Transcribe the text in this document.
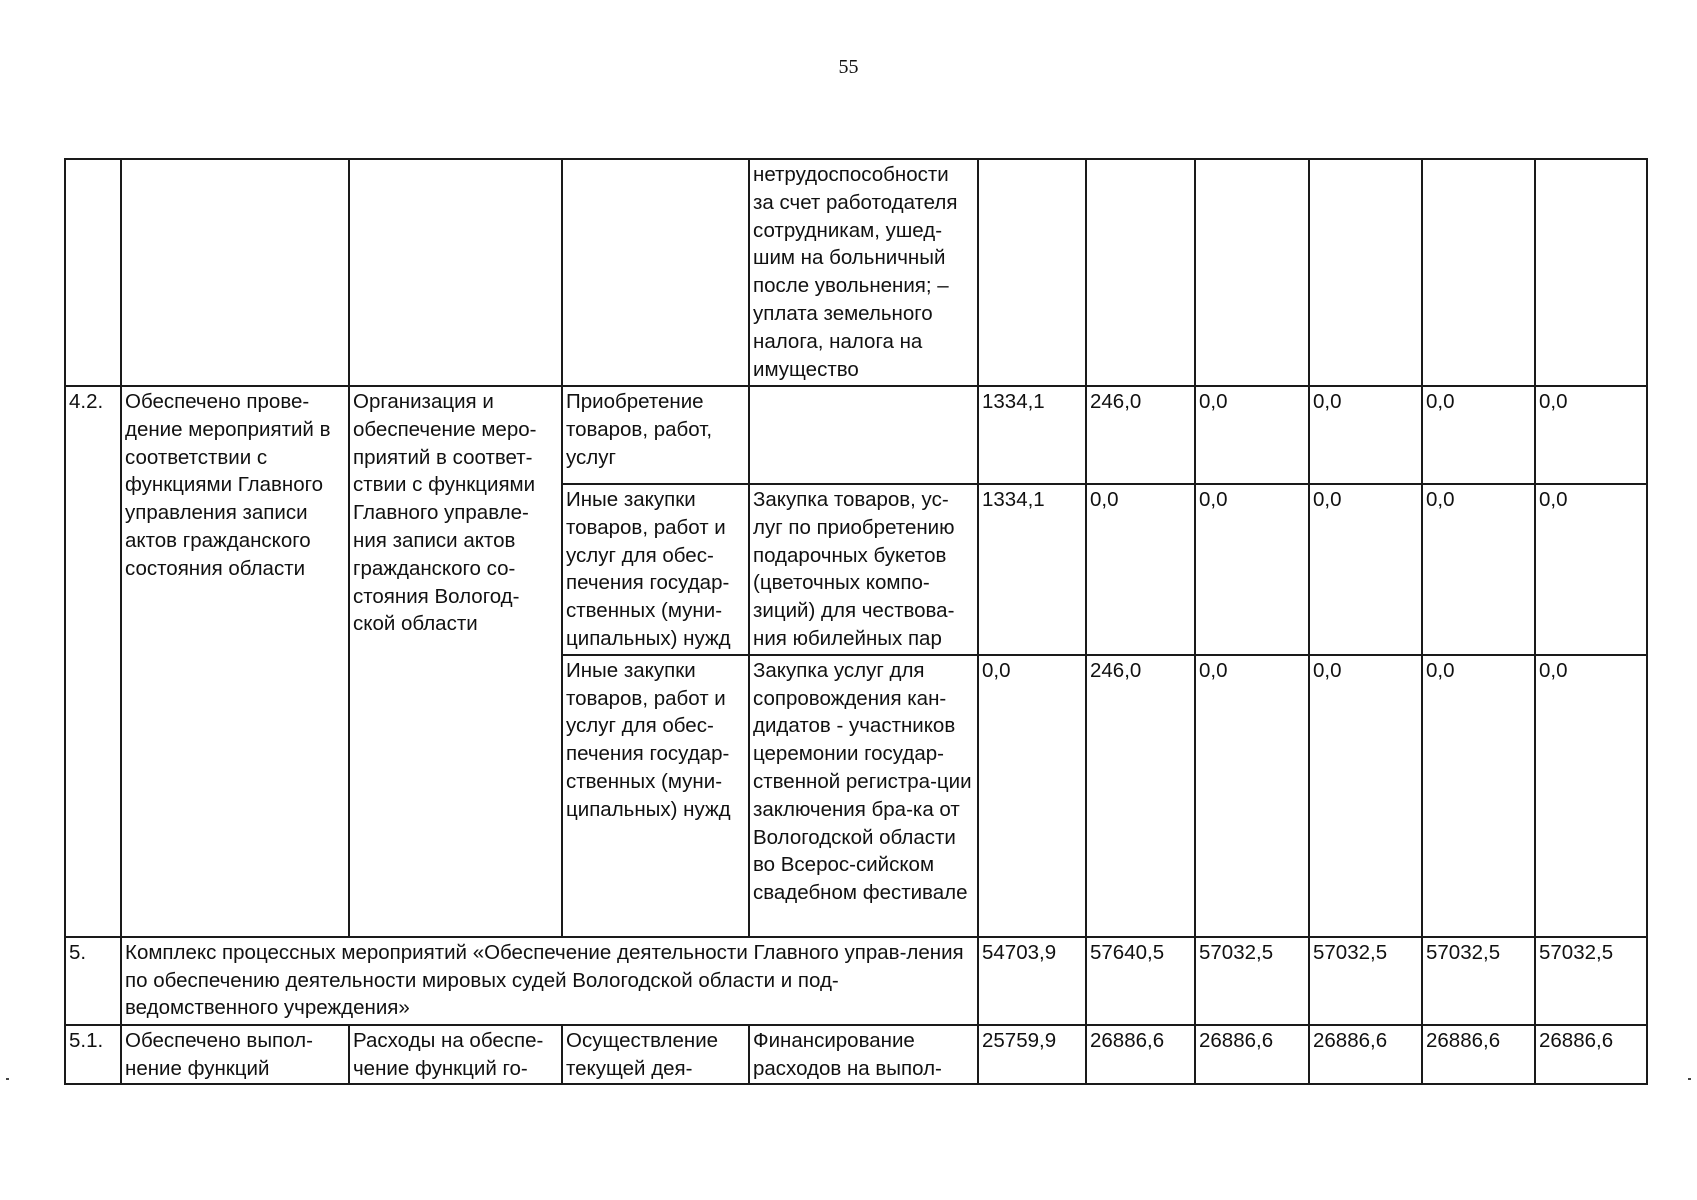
55
				нетрудоспособности за счет работодателя сотрудникам, ушед-шим на больничный после увольнения; – уплата земельного налога, налога на имущество						
4.2.	Обеспечено прове-дение мероприятий в соответствии с функциями Главного управления записи актов гражданского состояния области	Организация и обеспечение меро-приятий в соответ-ствии с функциями Главного управле-ния записи актов гражданского со-стояния Вологод-ской области	Приобретение товаров, работ, услуг		1334,1	246,0	0,0	0,0	0,0	0,0
			Иные закупки товаров, работ и услуг для обес-печения государ-ственных (муни-ципальных) нужд	Закупка товаров, ус-луг по приобретению подарочных букетов (цветочных компо-зиций) для чествова-ния юбилейных пар	1334,1	0,0	0,0	0,0	0,0	0,0
			Иные закупки товаров, работ и услуг для обес-печения государ-ственных (муни-ципальных) нужд	Закупка услуг для сопровождения кан-дидатов - участников церемонии государ-ственной регистра-ции заключения бра-ка от Вологодской области во Всерос-сийском свадебном фестивале	0,0	246,0	0,0	0,0	0,0	0,0
5.	Комплекс процессных мероприятий «Обеспечение деятельности Главного управ-ления по обеспечению деятельности мировых судей Вологодской области и под-ведомственного учреждения»				54703,9	57640,5	57032,5	57032,5	57032,5	57032,5
5.1.	Обеспечено выпол-нение функций	Расходы на обеспе-чение функций го-	Осуществление текущей дея-	Финансирование расходов на выпол-	25759,9	26886,6	26886,6	26886,6	26886,6	26886,6
